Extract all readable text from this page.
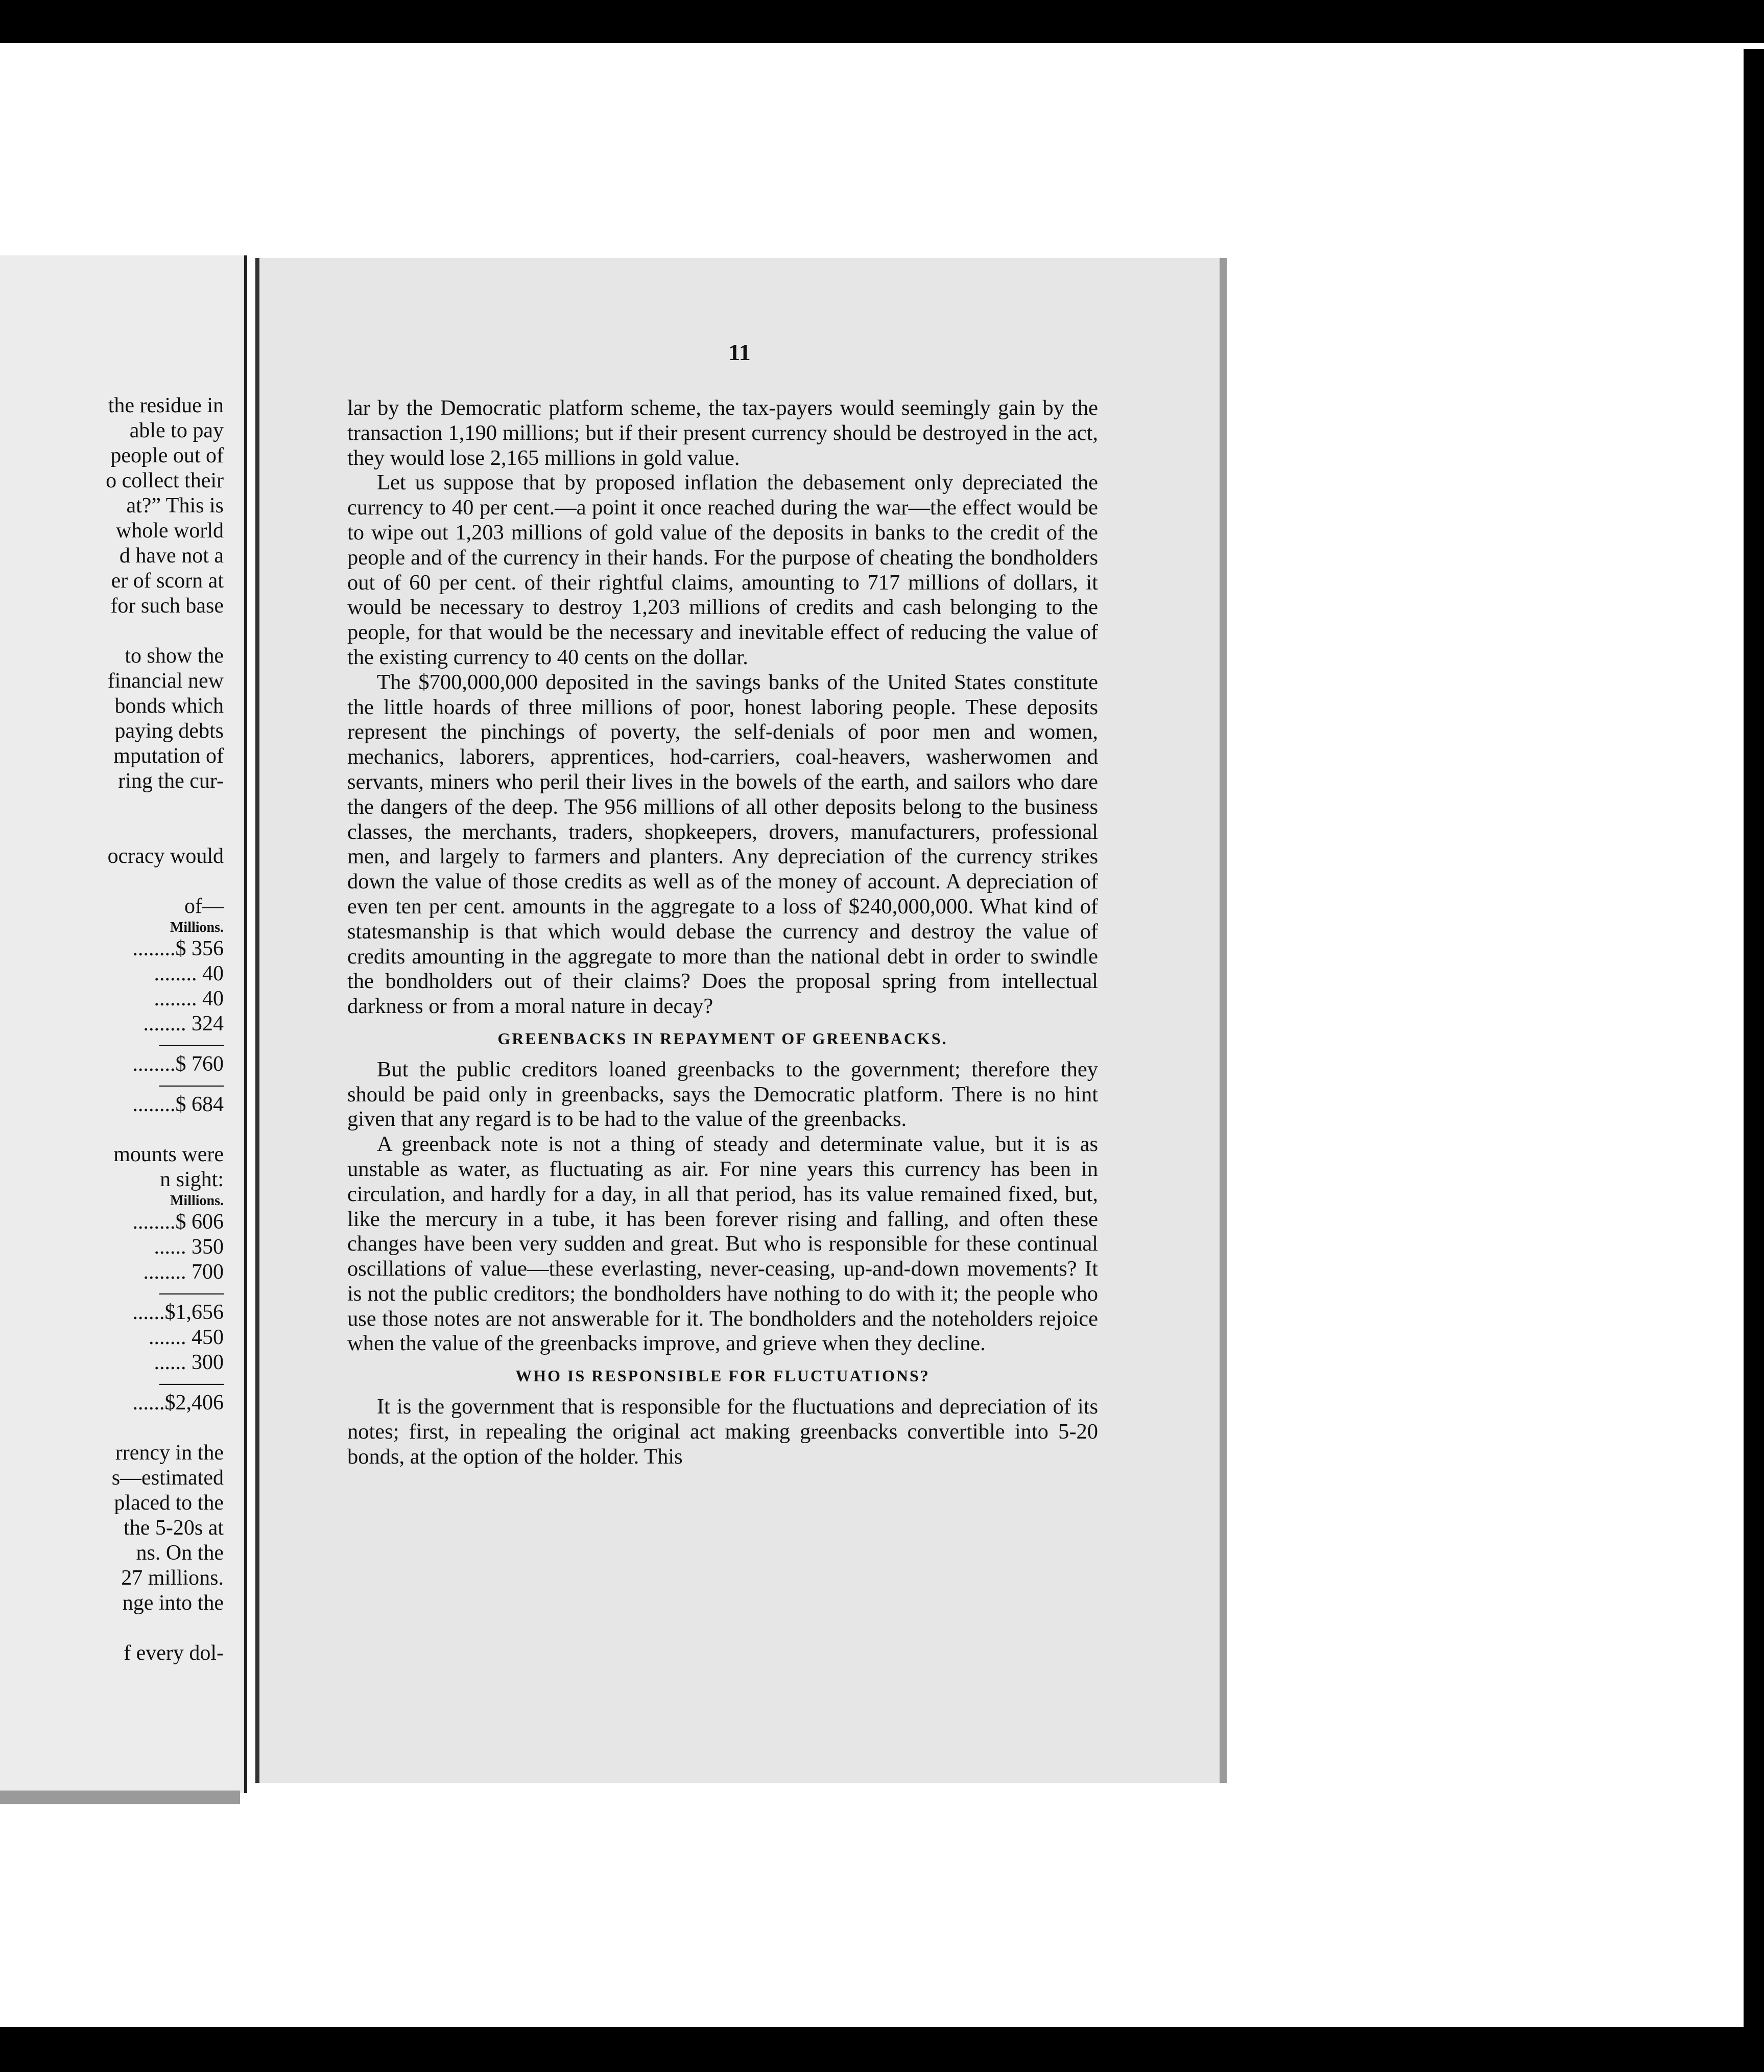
the residue in
able to pay
people out of
o collect their
at?” This is
whole world
d have not a
er of scorn at
for such base

to show the
financial new
bonds which
paying debts
mputation of
ring the cur-

ocracy would

of—
Millions.
........$ 356
........ 40
........ 40
........ 324
———
........$ 760
———
........$ 684

mounts were
n sight:
Millions.
........$ 606
...... 350
........ 700
———
......$1,656
....... 450
...... 300
———
......$2,406

rrency in the
s—estimated
placed to the
the 5-20s at
ns. On the
27 millions.
nge into the

f every dol-
11

lar by the Democratic platform scheme, the tax-payers would seemingly gain by the transaction 1,190 millions; but if their present currency should be destroyed in the act, they would lose 2,165 millions in gold value.

Let us suppose that by proposed inflation the debasement only depreciated the currency to 40 per cent.—a point it once reached during the war—the effect would be to wipe out 1,203 millions of gold value of the deposits in banks to the credit of the people and of the currency in their hands. For the purpose of cheating the bondholders out of 60 per cent. of their rightful claims, amounting to 717 millions of dollars, it would be necessary to destroy 1,203 millions of credits and cash belonging to the people, for that would be the necessary and inevitable effect of reducing the value of the existing currency to 40 cents on the dollar.

The $700,000,000 deposited in the savings banks of the United States constitute the little hoards of three millions of poor, honest laboring people. These deposits represent the pinchings of poverty, the self-denials of poor men and women, mechanics, laborers, apprentices, hod-carriers, coal-heavers, washerwomen and servants, miners who peril their lives in the bowels of the earth, and sailors who dare the dangers of the deep. The 956 millions of all other deposits belong to the business classes, the merchants, traders, shopkeepers, drovers, manufacturers, professional men, and largely to farmers and planters. Any depreciation of the currency strikes down the value of those credits as well as of the money of account. A depreciation of even ten per cent. amounts in the aggregate to a loss of $240,000,000. What kind of statesmanship is that which would debase the currency and destroy the value of credits amounting in the aggregate to more than the national debt in order to swindle the bondholders out of their claims? Does the proposal spring from intellectual darkness or from a moral nature in decay?

GREENBACKS IN REPAYMENT OF GREENBACKS.

But the public creditors loaned greenbacks to the government; therefore they should be paid only in greenbacks, says the Democratic platform. There is no hint given that any regard is to be had to the value of the greenbacks.

A greenback note is not a thing of steady and determinate value, but it is as unstable as water, as fluctuating as air. For nine years this currency has been in circulation, and hardly for a day, in all that period, has its value remained fixed, but, like the mercury in a tube, it has been forever rising and falling, and often these changes have been very sudden and great. But who is responsible for these continual oscillations of value—these everlasting, never-ceasing, up-and-down movements? It is not the public creditors; the bondholders have nothing to do with it; the people who use those notes are not answerable for it. The bondholders and the noteholders rejoice when the value of the greenbacks improve, and grieve when they decline.

WHO IS RESPONSIBLE FOR FLUCTUATIONS?

It is the government that is responsible for the fluctuations and depreciation of its notes; first, in repealing the original act making greenbacks convertible into 5-20 bonds, at the option of the holder. This
